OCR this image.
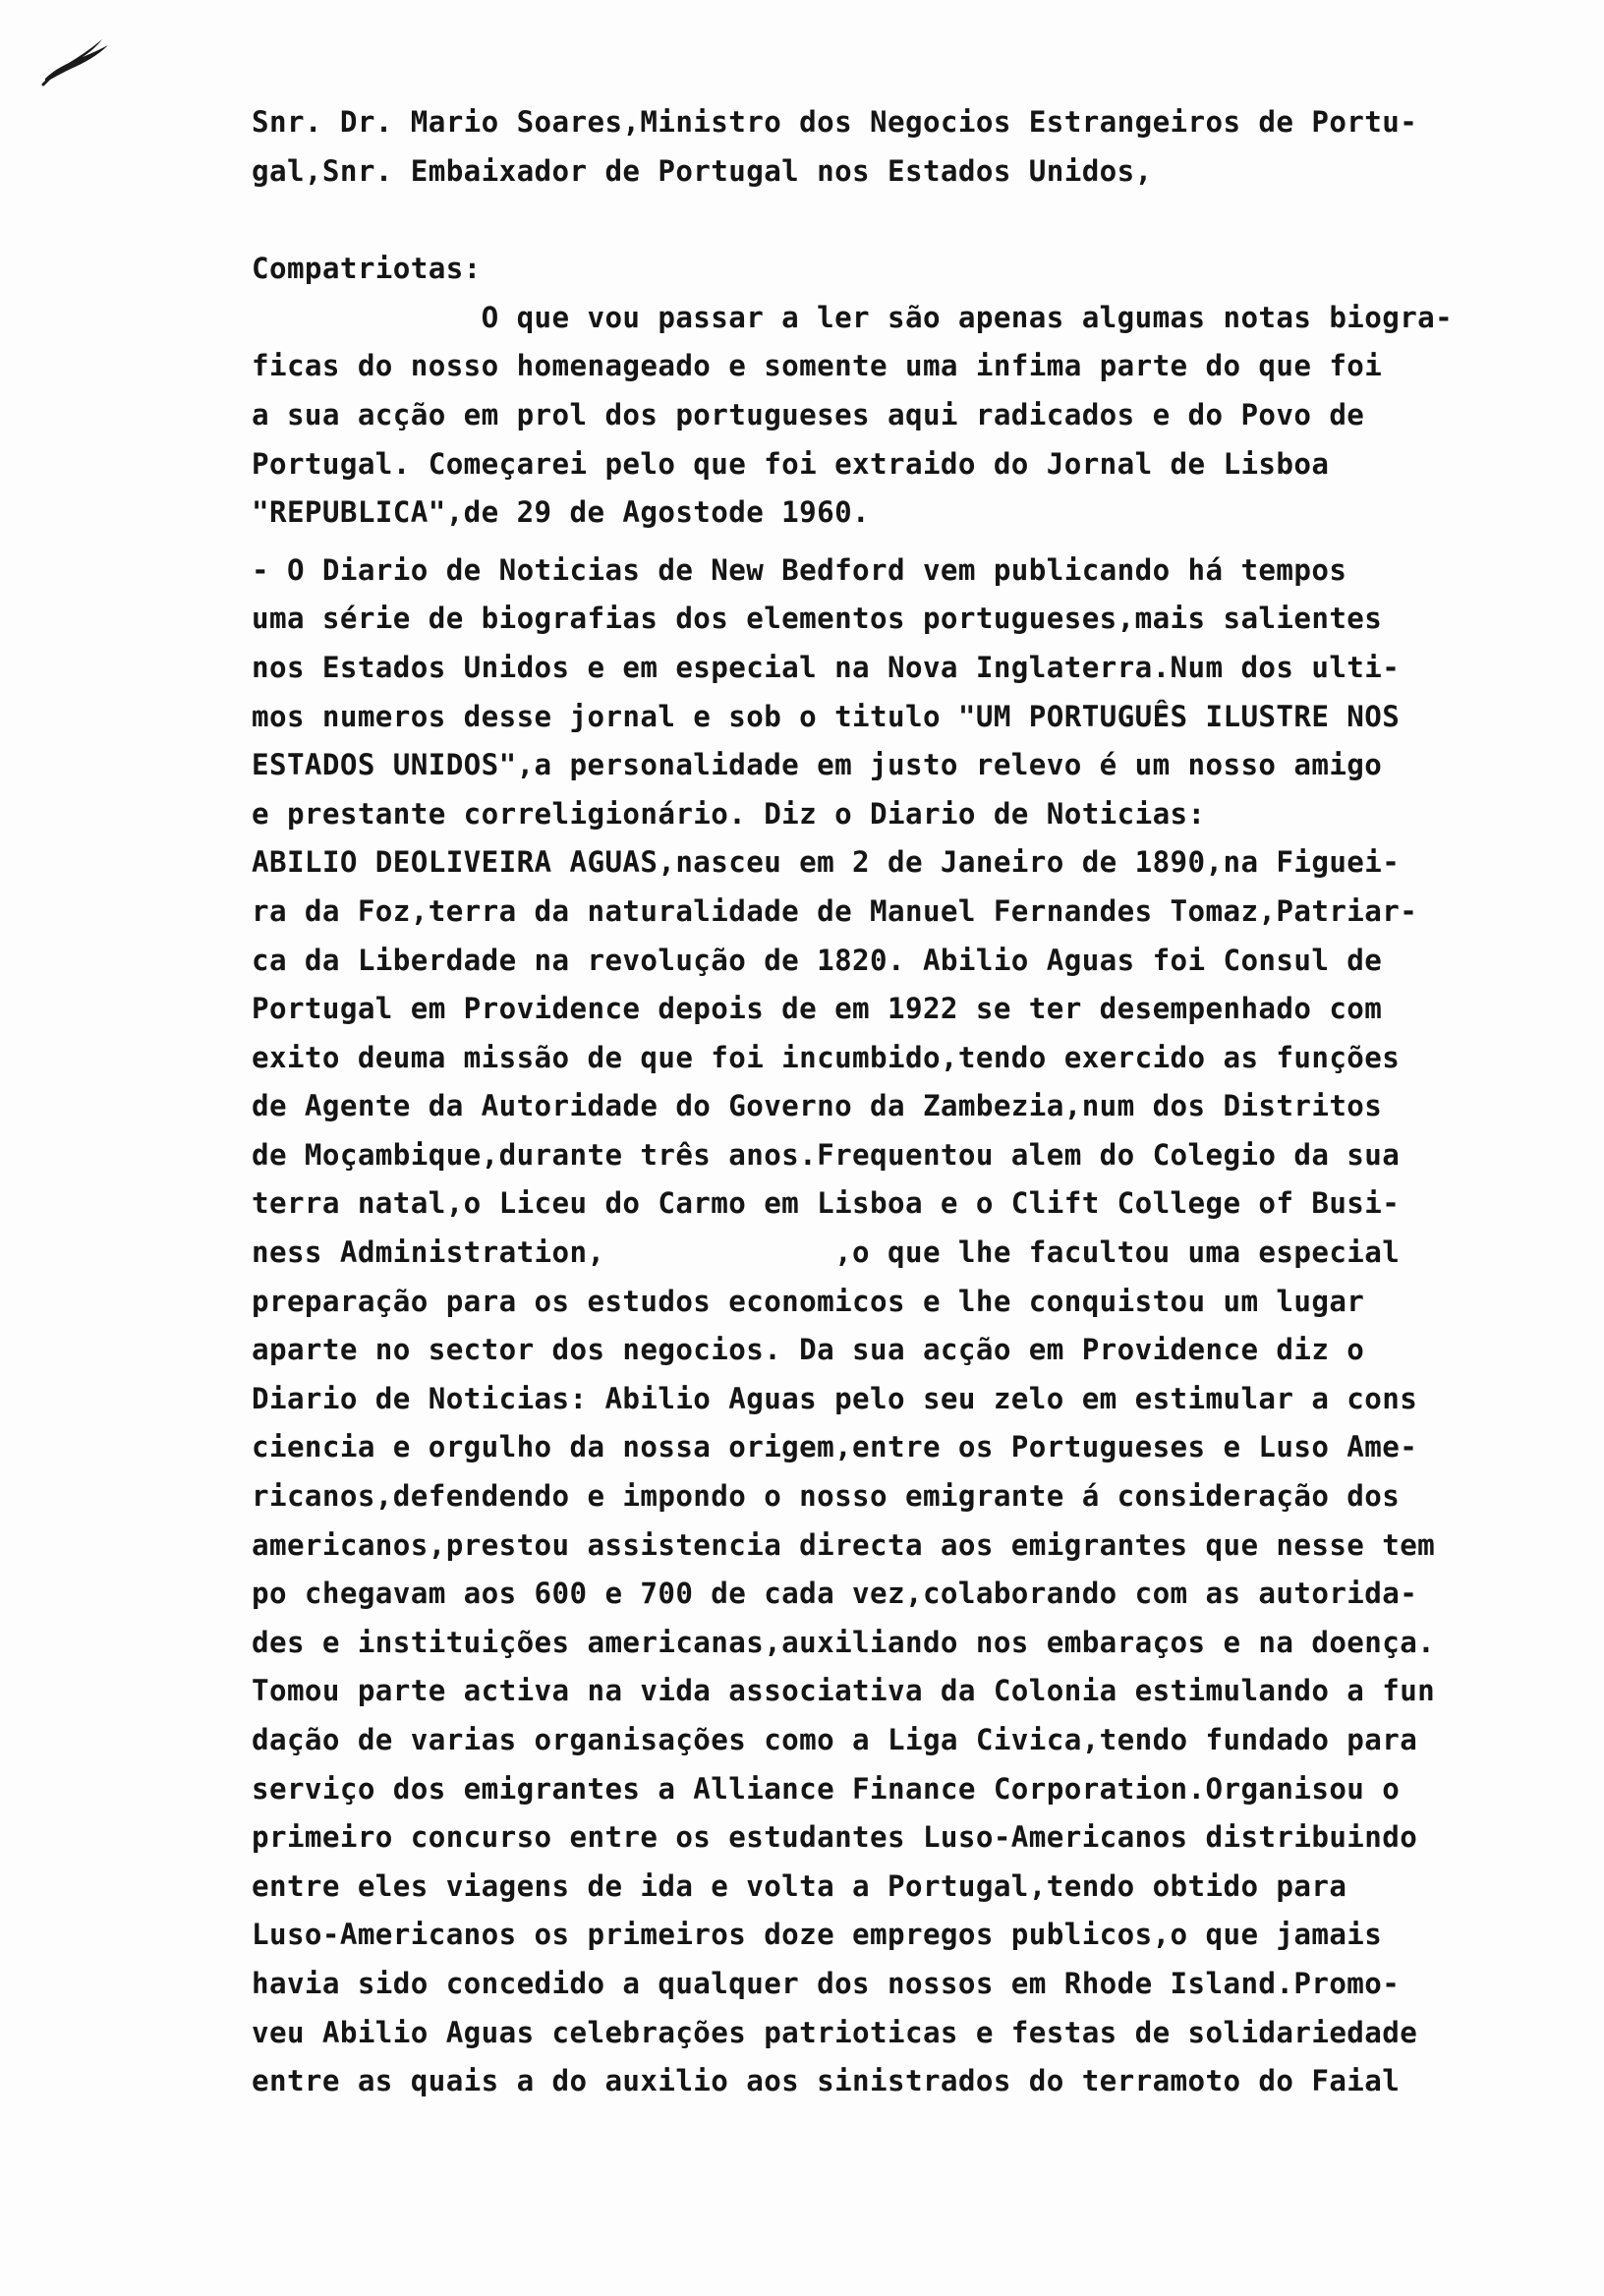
Snr. Dr. Mario Soares,Ministro dos Negocios Estrangeiros de Portu-
gal,Snr. Embaixador de Portugal nos Estados Unidos,
Compatriotas:
O que vou passar a ler são apenas algumas notas biogra-
ficas do nosso homenageado e somente uma infima parte do que foi
a sua acção em prol dos portugueses aqui radicados e do Povo de
Portugal. Começarei pelo que foi extraido do Jornal de Lisboa
"REPUBLICA",de 29 de Agostode 1960.
- O Diario de Noticias de New Bedford vem publicando há tempos
uma série de biografias dos elementos portugueses,mais salientes
nos Estados Unidos e em especial na Nova Inglaterra.Num dos ulti-
mos numeros desse jornal e sob o titulo "UM PORTUGUÊS ILUSTRE NOS
ESTADOS UNIDOS",a personalidade em justo relevo é um nosso amigo
e prestante correligionário. Diz o Diario de Noticias:
ABILIO DEOLIVEIRA AGUAS,nasceu em 2 de Janeiro de 1890,na Figuei-
ra da Foz,terra da naturalidade de Manuel Fernandes Tomaz,Patriar-
ca da Liberdade na revolução de 1820. Abilio Aguas foi Consul de
Portugal em Providence depois de em 1922 se ter desempenhado com
exito deuma missão de que foi incumbido,tendo exercido as funções
de Agente da Autoridade do Governo da Zambezia,num dos Distritos
de Moçambique,durante três anos.Frequentou alem do Colegio da sua
terra natal,o Liceu do Carmo em Lisboa e o Clift College of Busi-
ness Administration,             ,o que lhe facultou uma especial
preparação para os estudos economicos e lhe conquistou um lugar
aparte no sector dos negocios. Da sua acção em Providence diz o
Diario de Noticias: Abilio Aguas pelo seu zelo em estimular a cons
ciencia e orgulho da nossa origem,entre os Portugueses e Luso Ame-
ricanos,defendendo e impondo o nosso emigrante á consideração dos
americanos,prestou assistencia directa aos emigrantes que nesse tem
po chegavam aos 600 e 700 de cada vez,colaborando com as autorida-
des e instituições americanas,auxiliando nos embaraços e na doença.
Tomou parte activa na vida associativa da Colonia estimulando a fun
dação de varias organisações como a Liga Civica,tendo fundado para
serviço dos emigrantes a Alliance Finance Corporation.Organisou o
primeiro concurso entre os estudantes Luso-Americanos distribuindo
entre eles viagens de ida e volta a Portugal,tendo obtido para
Luso-Americanos os primeiros doze empregos publicos,o que jamais
havia sido concedido a qualquer dos nossos em Rhode Island.Promo-
veu Abilio Aguas celebrações patrioticas e festas de solidariedade
entre as quais a do auxilio aos sinistrados do terramoto do Faial
